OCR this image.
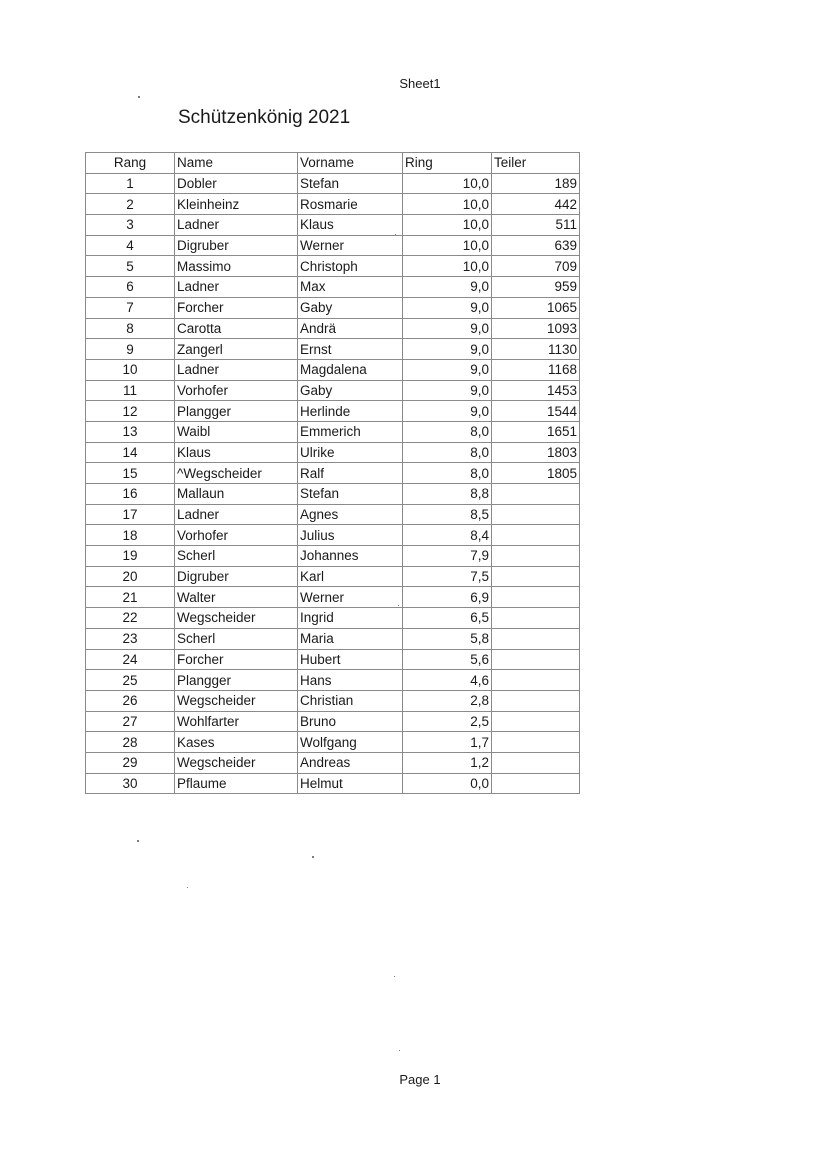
Sheet1
Schützenkönig 2021
Rang	Name	Vorname	Ring	Teiler
1	Dobler	Stefan	10,0	189
2	Kleinheinz	Rosmarie	10,0	442
3	Ladner	Klaus	10,0	511
4	Digruber	Werner	10,0	639
5	Massimo	Christoph	10,0	709
6	Ladner	Max	9,0	959
7	Forcher	Gaby	9,0	1065
8	Carotta	Andrä	9,0	1093
9	Zangerl	Ernst	9,0	1130
10	Ladner	Magdalena	9,0	1168
11	Vorhofer	Gaby	9,0	1453
12	Plangger	Herlinde	9,0	1544
13	Waibl	Emmerich	8,0	1651
14	Klaus	Ulrike	8,0	1803
15	^Wegscheider	Ralf	8,0	1805
16	Mallaun	Stefan	8,8	
17	Ladner	Agnes	8,5	
18	Vorhofer	Julius	8,4	
19	Scherl	Johannes	7,9	
20	Digruber	Karl	7,5	
21	Walter	Werner	6,9	
22	Wegscheider	Ingrid	6,5	
23	Scherl	Maria	5,8	
24	Forcher	Hubert	5,6	
25	Plangger	Hans	4,6	
26	Wegscheider	Christian	2,8	
27	Wohlfarter	Bruno	2,5	
28	Kases	Wolfgang	1,7	
29	Wegscheider	Andreas	1,2	
30	Pflaume	Helmut	0,0	
Page 1
